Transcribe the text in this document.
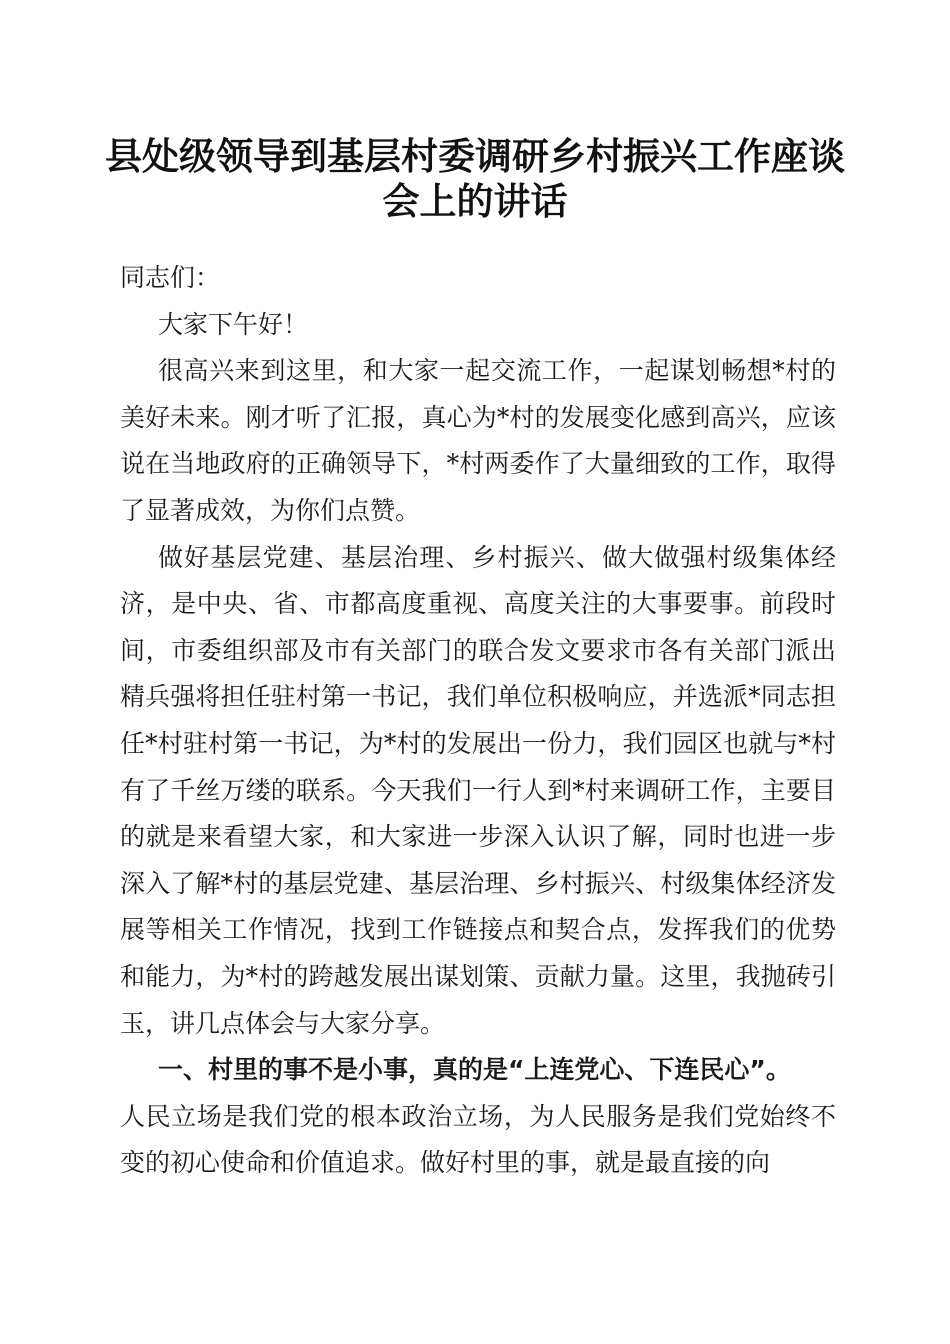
县处级领导到基层村委调研乡村振兴工作座谈
会上的讲话

同志们：

大家下午好！

很高兴来到这里，和大家一起交流工作，一起谋划畅想*村的美好未来。刚才听了汇报，真心为*村的发展变化感到高兴，应该说在当地政府的正确领导下，*村两委作了大量细致的工作，取得了显著成效，为你们点赞。

做好基层党建、基层治理、乡村振兴、做大做强村级集体经济，是中央、省、市都高度重视、高度关注的大事要事。前段时间，市委组织部及市有关部门的联合发文要求市各有关部门派出精兵强将担任驻村第一书记，我们单位积极响应，并选派*同志担任*村驻村第一书记，为*村的发展出一份力，我们园区也就与*村有了千丝万缕的联系。今天我们一行人到*村来调研工作，主要目的就是来看望大家，和大家进一步深入认识了解，同时也进一步深入了解*村的基层党建、基层治理、乡村振兴、村级集体经济发展等相关工作情况，找到工作链接点和契合点，发挥我们的优势和能力，为*村的跨越发展出谋划策、贡献力量。这里，我抛砖引玉，讲几点体会与大家分享。

一、村里的事不是小事，真的是“上连党心、下连民心”。

人民立场是我们党的根本政治立场，为人民服务是我们党始终不变的初心使命和价值追求。做好村里的事，就是最直接的向
